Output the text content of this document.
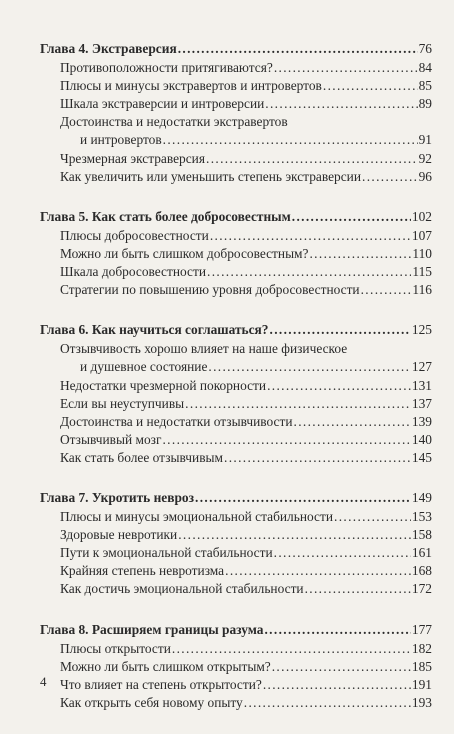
Глава 4. Экстраверсия . . .	76
Противоположности притягиваются? . . .	84
Плюсы и минусы экстравертов и интровертов . . .	85
Шкала экстраверсии и интроверсии . . .	89
Достоинства и недостатки экстравертов
и интровертов . . .	91
Чрезмерная экстраверсия . . .	92
Как увеличить или уменьшить степень экстраверсии . . .	96
Глава 5. Как стать более добросовестным . . .	102
Плюсы добросовестности . . .	107
Можно ли быть слишком добросовестным? . . .	110
Шкала добросовестности . . .	115
Стратегии по повышению уровня добросовестности . . .	116
Глава 6. Как научиться соглашаться? . . .	125
Отзывчивость хорошо влияет на наше физическое
и душевное состояние . . .	127
Недостатки чрезмерной покорности . . .	131
Если вы неуступчивы . . .	137
Достоинства и недостатки отзывчивости . . .	139
Отзывчивый мозг . . .	140
Как стать более отзывчивым . . .	145
Глава 7. Укротить невроз . . .	149
Плюсы и минусы эмоциональной стабильности . . .	153
Здоровые невротики . . .	158
Пути к эмоциональной стабильности . . .	161
Крайняя степень невротизма . . .	168
Как достичь эмоциональной стабильности . . .	172
Глава 8. Расширяем границы разума . . .	177
Плюсы открытости . . .	182
Можно ли быть слишком открытым? . . .	185
Что влияет на степень открытости? . . .	191
Как открыть себя новому опыту . . .	193
4
